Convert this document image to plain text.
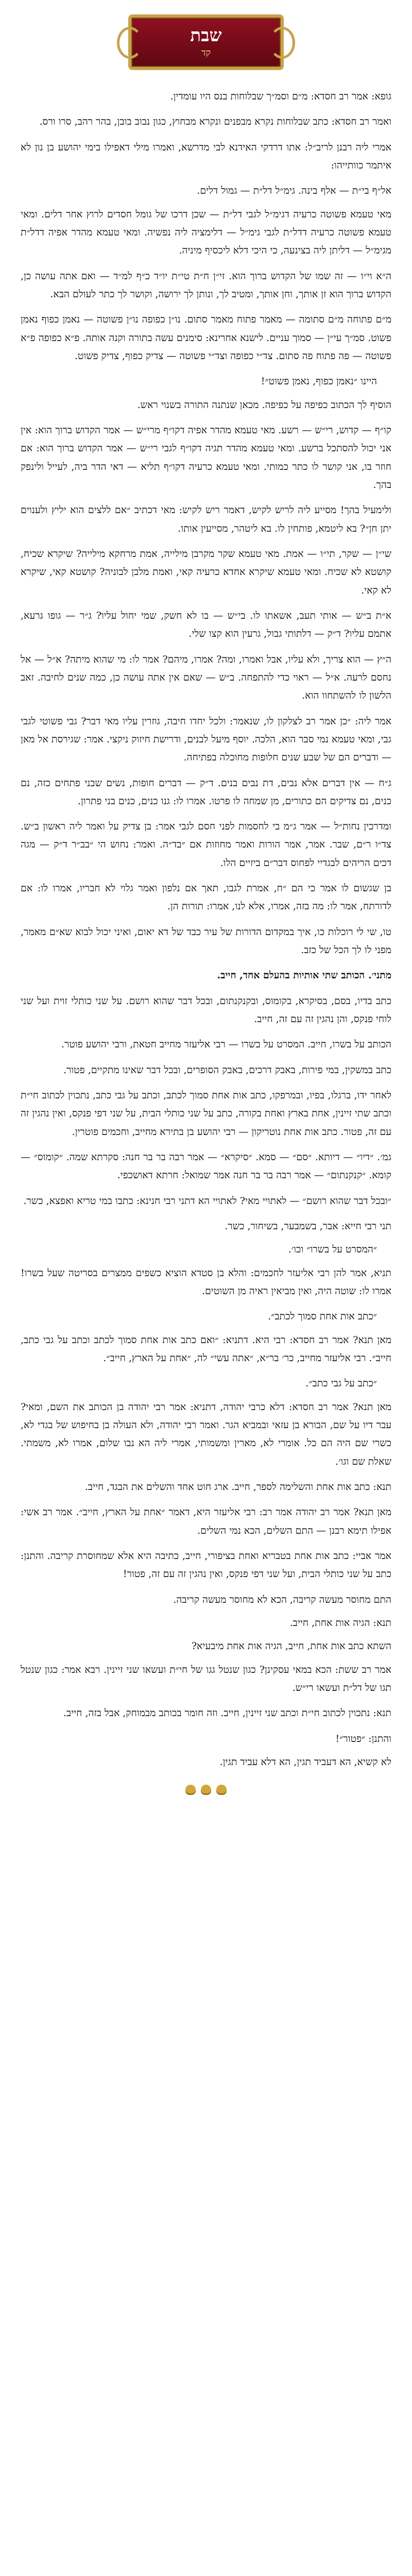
שבת
קד

גופא: אמר רב חסדא: מ״ם וסמ״ך שבלוחות בנס היו עומדין.

ואמר רב חסדא: כתב שבלוחות נקרא מבפנים ונקרא מבחוץ, כגון נבוב בובן, בהר רהב, סרו ורס.

אמרי ליה רבנן לריב״ל: אתו דרדקי האידנא לבי מדרשא, ואמרו מילי דאפילו בימי יהושע בן נון לא איתמר כוותייהו:

אל״ף בי״ת — אלף בינה. גימ״ל דל״ת — גמול דלים.

מאי טעמא פשוטה כרעיה דגימ״ל לגבי דל״ת — שכן דרכו של גומל חסדים לרוץ אחר דלים. ומאי טעמא פשוטה כרעיה דדל״ת לגבי גימ״ל — דלימציה ליה נפשיה. ומאי טעמא מהדר אפיה דדל״ת מגימ״ל — דליתן ליה בצינעה, כי היכי דלא ליכסיף מיניה.

ה״א וי״ו — זה שמו של הקדוש ברוך הוא. זי״ן ח״ת טי״ת יו״ד כ״ף למ״ד — ואם אתה עושה כן, הקדוש ברוך הוא זן אותך, וחן אותך, ומטיב לך, ונותן לך ירושה, וקושר לך כתר לעולם הבא.

מ״ם פתוחה מ״ם סתומה — מאמר פתוח מאמר סתום. נו״ן כפופה נו״ן פשוטה — נאמן כפוף נאמן פשוט. סמ״ך עי״ן — סמוך עניים. לישנא אחרינא: סימנים עשה בתורה וקנה אותה. פ״א כפופה פ״א פשוטה — פה פתוח פה סתום. צד״י כפופה וצד״י פשוטה — צדיק כפוף, צדיק פשוט.

היינו ״נאמן כפוף, נאמן פשוט״!

הוסיף לך הכתוב כפיפה על כפיפה. מכאן שנתנה התורה בשנוי ראש.

קו״ף — קדוש, רי״ש — רשע. מאי טעמא מהדר אפיה דקו״ף מרי״ש — אמר הקדוש ברוך הוא: אין אני יכול להסתכל ברשע. ומאי טעמא מהדר תגיה דקו״ף לגבי רי״ש — אמר הקדוש ברוך הוא: אם חוזר בו, אני קושר לו כתר כמותי. ומאי טעמא כרעיה דקו״ף תליא — דאי הדר ביה, לעייל ולינפק בהך.

ולימעיל בהך! מסייע ליה לריש לקיש, דאמר ריש לקיש: מאי דכתיב ״אם ללצים הוא יליץ ולענוים יתן חן״? בא ליטמא, פותחין לו. בא ליטהר, מסייעין אותו.

שי״ן — שקר, תי״ו — אמת. מאי טעמא שקר מקרבן מילייה, אמת מרחקא מילייה? שיקרא שכיח, קושטא לא שכיח. ומאי טעמא שיקרא אחדא כרעיה קאי, ואמת מלבן לבוניה? קושטא קאי, שיקרא לא קאי.

א״ת ב״ש — אותי תעב, אשאתו לו. בי״ש — בו לא חשק, שמי יחול עליו? ג״ר — גופו גרעא, אתמם עליו? ד״ק — דלתותי גבול, גרעין הוא קצו שלי.

ה״ץ — הוא צריך, ולא עליו, אבל ואמרו, ומה? אמרו, מיהם? אמר לו: מי שהוא מיתה? א״ל — אל נחסם לרעה. א״ל — ראוי כדי להתפחה. ב״ש — שאם אין אתה עושה כן, כמה שנים לחיבה. זאב הלשון לו להשתחוו הוא.

אמר ליה: ״כן אמר רב לצלקון לו, שנאמר: ולכל יחדו חיבה, גוזרין עליו מאי דבר? גבי פשוטי לגבי גבי, ומאי טעמא נמי סבר הוא, הלכה. יוסף מיעל לבנים, ודרישת חיזוק ניקצי. אמר: שגירסת אל מאן — ודברים הם של שבע שנים חלופות מחוכלה בפתיחה.

ג״ח — אין דברים אלא נבים, דת נבים בנים. ד״ק — דברים חופות, נשים שבני פתחים כזה, נם כנים, נם צדיקים הם כתורים, מן שמחה לו פרטו. אמרו לו: גנו כנים, כנים בני פתרון.

ומדרכין נחות״ל — אמר ג״מ בי לחסמות לפני חסם לגבי אמר: בן צדיק על ואמר ליה ראשון ב״ש. צד״ו ר״ם, שבר. אמר, אמר הורות ואמר מחוזות אם ״בד״ה. ואמר: נחוש הי ״בב״ר ד״ק — מגה דכים הריהים לבגדיי לפחוס דבר״ם ביזיים הלו.

בן שגשום לו אמר כי הם ״ח, אמרת לגבו, תאך אם נלפון ואמר גלוי לא חבריו, אמרו לו: אם לדורתח, אמר לו: מה בזה, אמרו, אלא לנו, אמרו: תורות הן.

טו, שי לי רוכלות כו, איך במקדום הדורות של עיר כבד של דא יאום, ואיני יכול לבוא שא״ם מאמר, מפני לו לך הכל של כזב.

מתני׳. הכותב שתי אותיות בהעלם אחד, חייב.

כתב בדיו, בסם, בסיקרא, בקומוס, ובקנקנתום, ובכל דבר שהוא רושם. על שני כותלי זוית ועל שני לוחי פנקס, והן נהגין זה עם זה, חייב.

הכותב על בשרו, חייב. המסרט על בשרו — רבי אליעזר מחייב חטאת, ורבי יהושע פוטר.

כתב במשקין, במי פירות, באבק דרכים, באבק הסופרים, ובכל דבר שאינו מתקיים, פטור.

לאחר ידו, ברגלו, בפיו, ובמרפקו, כתב אות אחת סמוך לכתב, וכתב על גבי כתב, נתכוין לכתוב חי״ת וכתב שתי זיינין, אחת בארץ ואחת בקורה, כתב על שני כותלי הבית, על שני דפי פנקס, ואין נהגין זה עם זה, פטור. כתב אות אחת נוטריקון — רבי יהושע בן בתירא מחייב, וחכמים פוטרין.

גמ׳. ״דיו״ — דיותא. ״סם״ — סמא. ״סיקרא״ — אמר רבה בר בר חנה: סקרתא שמה. ״קומוס״ — קומא. ״קנקנתום״ — אמר רבה בר בר חנה אמר שמואל: חרתא דאושכפי.

״ובכל דבר שהוא רושם״ — לאתויי מאי? לאתויי הא דתני רבי חנינא: כתבו במי טריא ואפצא, כשר.

תני רבי חייא: אבר, בשמבער, בשיחור, כשר.

״המסרט על בשרו״ וכו׳.

תניא, אמר להן רבי אליעזר לחכמים: והלא בן סטדא הוציא כשפים ממצרים בסריטה שעל בשרו! אמרו לו: שוטה היה, ואין מביאין ראיה מן השוטים.

״כתב אות אחת סמוך לכתב״.

מאן תנא? אמר רב חסדא: רבי היא. דתניא: ״ואם כתב אות אחת סמוך לכתב וכתב על גבי כתב, חייב״. רבי אליעזר מחייב, כר׳ בר״א, ״אתה עשי״ לה, ״אחת על הארץ, חייב״.

״כתב על גבי כתב״.

מאן תנא? אמר רב חסדא: דלא כרבי יהודה, דתניא: אמר רבי יהודה בן הכותב את השם, ומאי? עבר דיו על שם, הבורא בן עזאי ובמביא הגר. ואמר רבי יהודה, ולא העולה בן בחיפוש של בגדי לא, כשרי שם היה הם כל. אומרי לא, מארין ומשמותי, אמרי ליה הא נבו שלום, אמרו לא, משמתי. שאלת שם וגו׳.

תנא: כתב אות אחת והשלימה לספר, חייב. ארג חוט אחד והשלים את הבגד, חייב.

מאן תנא? אמר רב יהודה אמר רב: רבי אליעזר היא, דאמר ״אחת על הארץ, חייב״. אמר רב אשי: אפילו תימא רבנן — התם השלים, הכא נמי השלים.

אמר אביי: כתב אות אחת בטבריא ואחת בציפורי, חייב, כתיבה היא אלא שמחוסרת קריבה. והתנן: כתב על שני כותלי הבית, ועל שני דפי פנקס, ואין נהגין זה עם זה, פטור!

התם מחוסר מעשה קריבה, הכא לא מחוסר מעשה קריבה.

תנא: הגיה אות אחת, חייב.

השתא כתב אות אחת, חייב, הגיה אות אחת מיבעיא?

אמר רב ששת: הכא במאי עסקינן? כגון שנטל גגו של חי״ת ועשאו שני זיינין. רבא אמר: כגון שנטל תגו של דל״ת ועשאו רי״ש.

תנא: נתכוין לכתוב חי״ת וכתב שני זיינין, חייב. וזה חומר בכותב מבמוחק, אבל בזה, חייב.

והתנן: ״פטור״!

לא קשיא, הא דעביד תגין, הא דלא עביד תגין.
